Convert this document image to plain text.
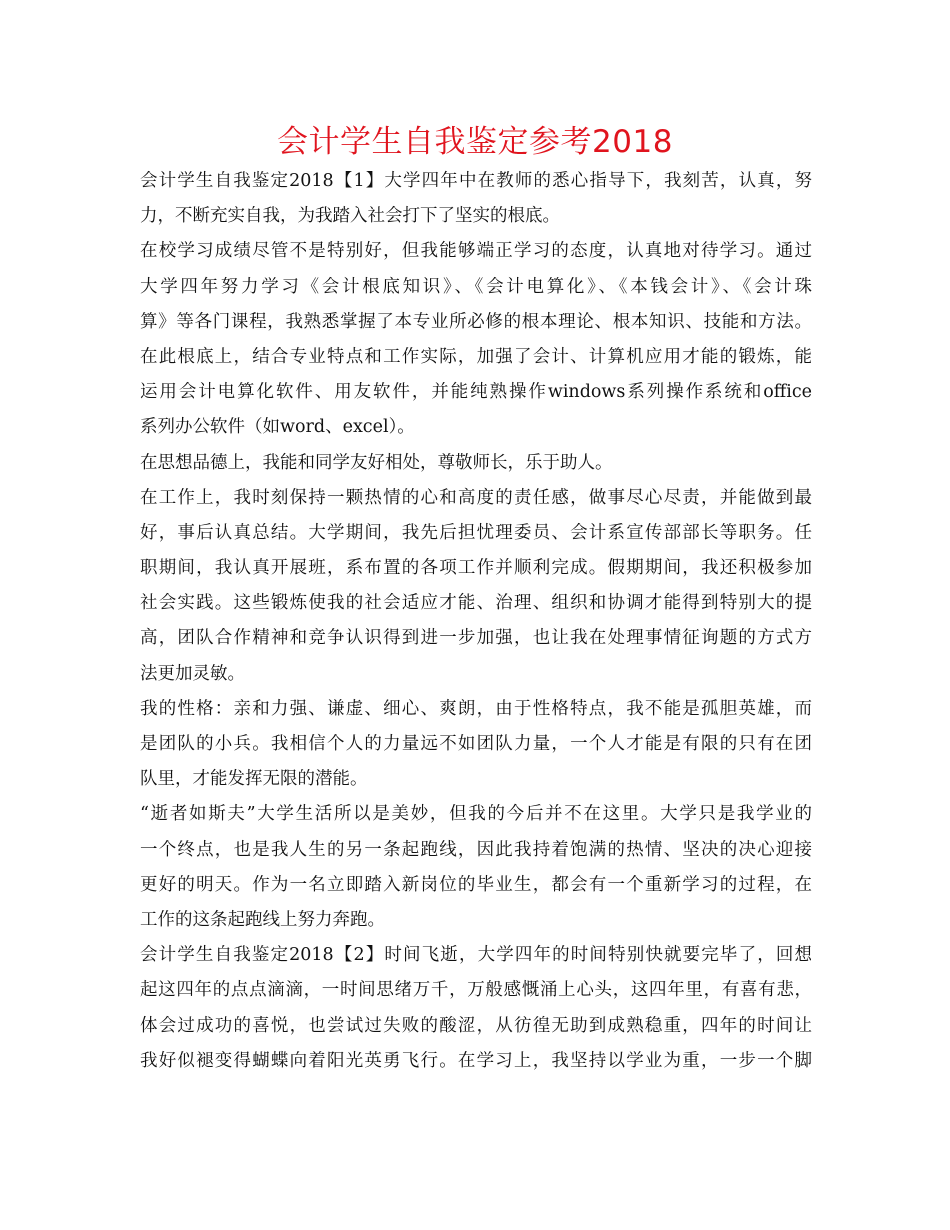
会计学生自我鉴定参考2018
会计学生自我鉴定2018【1】大学四年中在教师的悉心指导下，我刻苦，认真，努
力，不断充实自我，为我踏入社会打下了坚实的根底。
在校学习成绩尽管不是特别好，但我能够端正学习的态度，认真地对待学习。通过
大学四年努力学习《会计根底知识》、《会计电算化》、《本钱会计》、《会计珠
算》等各门课程，我熟悉掌握了本专业所必修的根本理论、根本知识、技能和方法。
在此根底上，结合专业特点和工作实际，加强了会计、计算机应用才能的锻炼，能
运用会计电算化软件、用友软件，并能纯熟操作windows系列操作系统和office
系列办公软件（如word、excel）。
在思想品德上，我能和同学友好相处，尊敬师长，乐于助人。
在工作上，我时刻保持一颗热情的心和高度的责任感，做事尽心尽责，并能做到最
好，事后认真总结。大学期间，我先后担忧理委员、会计系宣传部部长等职务。任
职期间，我认真开展班，系布置的各项工作并顺利完成。假期期间，我还积极参加
社会实践。这些锻炼使我的社会适应才能、治理、组织和协调才能得到特别大的提
高，团队合作精神和竞争认识得到进一步加强，也让我在处理事情征询题的方式方
法更加灵敏。
我的性格：亲和力强、谦虚、细心、爽朗，由于性格特点，我不能是孤胆英雄，而
是团队的小兵。我相信个人的力量远不如团队力量，一个人才能是有限的只有在团
队里，才能发挥无限的潜能。
“逝者如斯夫”大学生活所以是美妙，但我的今后并不在这里。大学只是我学业的
一个终点，也是我人生的另一条起跑线，因此我持着饱满的热情、坚决的决心迎接
更好的明天。作为一名立即踏入新岗位的毕业生，都会有一个重新学习的过程，在
工作的这条起跑线上努力奔跑。
会计学生自我鉴定2018【2】时间飞逝，大学四年的时间特别快就要完毕了，回想
起这四年的点点滴滴，一时间思绪万千，万般感慨涌上心头，这四年里，有喜有悲，
体会过成功的喜悦，也尝试过失败的酸涩，从彷徨无助到成熟稳重，四年的时间让
我好似褪变得蝴蝶向着阳光英勇飞行。在学习上，我坚持以学业为重，一步一个脚
